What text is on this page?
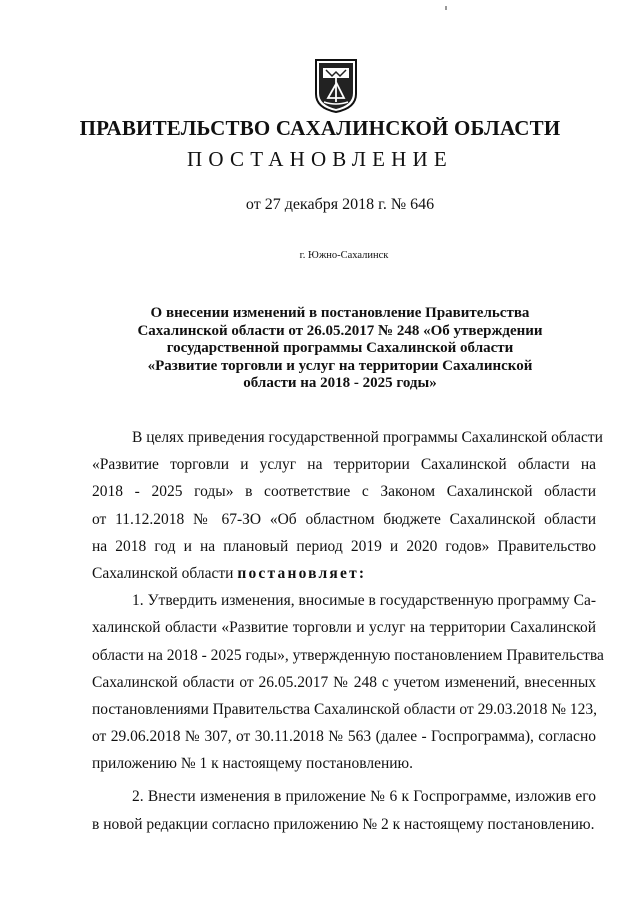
ПРАВИТЕЛЬСТВО САХАЛИНСКОЙ ОБЛАСТИ
ПОСТАНОВЛЕНИЕ
от 27 декабря 2018 г. № 646
г. Южно-Сахалинск
О внесении изменений в постановление Правительства
Сахалинской области от 26.05.2017 № 248 «Об утверждении
государственной программы Сахалинской области
«Развитие торговли и услуг на территории Сахалинской
области на 2018 - 2025 годы»
В целях приведения государственной программы Сахалинской области
«Развитие торговли и услуг на территории Сахалинской области на
2018 - 2025 годы» в соответствие с Законом Сахалинской области
от 11.12.2018 № 67-ЗО «Об областном бюджете Сахалинской области
на 2018 год и на плановый период 2019 и 2020 годов» Правительство
Сахалинской области постановляет:
1. Утвердить изменения, вносимые в государственную программу Са-
халинской области «Развитие торговли и услуг на территории Сахалинской
области на 2018 - 2025 годы», утвержденную постановлением Правительства
Сахалинской области от 26.05.2017 № 248 с учетом изменений, внесенных
постановлениями Правительства Сахалинской области от 29.03.2018 № 123,
от 29.06.2018 № 307, от 30.11.2018 № 563 (далее - Госпрограмма), согласно
приложению № 1 к настоящему постановлению.
2. Внести изменения в приложение № 6 к Госпрограмме, изложив его
в новой редакции согласно приложению № 2 к настоящему постановлению.
